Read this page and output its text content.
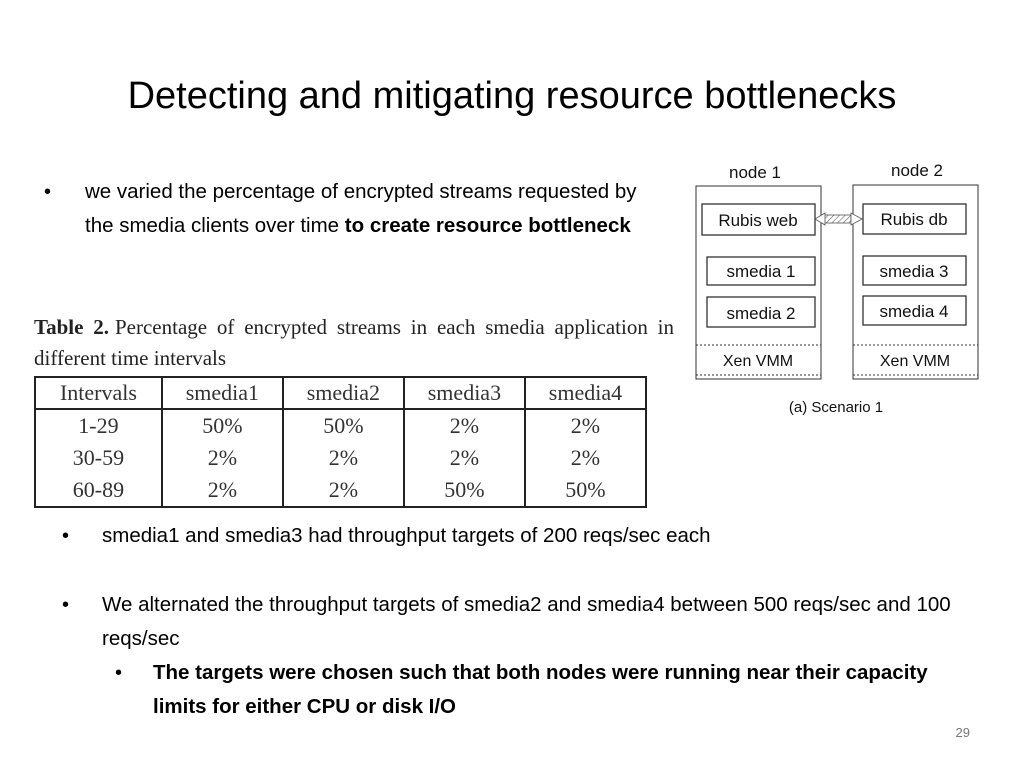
Detecting and mitigating resource bottlenecks
• we varied the percentage of encrypted streams requested by the smedia clients over time to create resource bottleneck
Table 2. Percentage of encrypted streams in each smedia application in different time intervals
Intervals	smedia1	smedia2	smedia3	smedia4
1-29	50%	50%	2%	2%
30-59	2%	2%	2%	2%
60-89	2%	2%	50%	50%
node 1	node 2
Rubis web
smedia 1
smedia 2
Xen VMM
Rubis db
smedia 3
smedia 4
Xen VMM
(a) Scenario 1
• smedia1 and smedia3 had throughput targets of 200 reqs/sec each
• We alternated the throughput targets of smedia2 and smedia4 between 500 reqs/sec and 100 reqs/sec
• The targets were chosen such that both nodes were running near their capacity limits for either CPU or disk I/O
29
